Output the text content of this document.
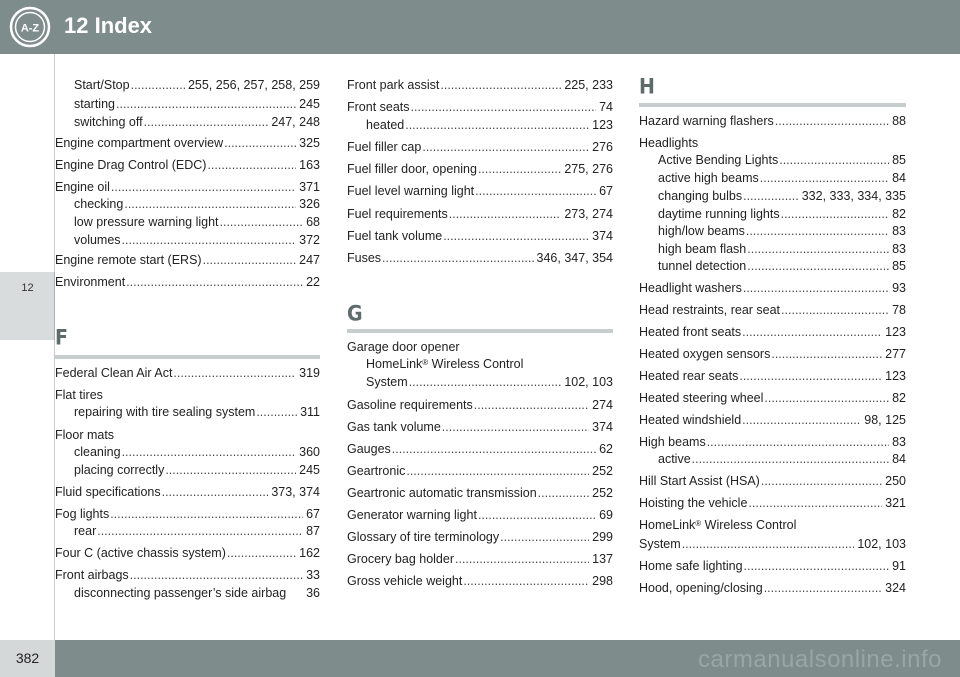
A-Z 12 Index
12
Start/Stop .....	255, 256, 257, 258, 259
starting .....	245
switching off .....	247, 248
Engine compartment overview .....	325
Engine Drag Control (EDC) .....	163
Engine oil .....	371
checking .....	326
low pressure warning light .....	68
volumes .....	372
Engine remote start (ERS) .....	247
Environment .....	22
F
Federal Clean Air Act .....	319
Flat tires
repairing with tire sealing system .....	311
Floor mats
cleaning .....	360
placing correctly .....	245
Fluid specifications .....	373, 374
Fog lights .....	67
rear .....	87
Four C (active chassis system) .....	162
Front airbags .....	33
disconnecting passenger’s side airbag 36
Front park assist .....	225, 233
Front seats .....	74
heated .....	123
Fuel filler cap .....	276
Fuel filler door, opening .....	275, 276
Fuel level warning light .....	67
Fuel requirements .....	273, 274
Fuel tank volume .....	374
Fuses .....	346, 347, 354
G
Garage door opener
HomeLink® Wireless Control
System .....	102, 103
Gasoline requirements .....	274
Gas tank volume .....	374
Gauges .....	62
Geartronic .....	252
Geartronic automatic transmission .....	252
Generator warning light .....	69
Glossary of tire terminology .....	299
Grocery bag holder .....	137
Gross vehicle weight .....	298
H
Hazard warning flashers .....	88
Headlights
Active Bending Lights .....	85
active high beams .....	84
changing bulbs .....	332, 333, 334, 335
daytime running lights .....	82
high/low beams .....	83
high beam flash .....	83
tunnel detection .....	85
Headlight washers .....	93
Head restraints, rear seat .....	78
Heated front seats .....	123
Heated oxygen sensors .....	277
Heated rear seats .....	123
Heated steering wheel .....	82
Heated windshield .....	98, 125
High beams .....	83
active .....	84
Hill Start Assist (HSA) .....	250
Hoisting the vehicle .....	321
HomeLink® Wireless Control
System .....	102, 103
Home safe lighting .....	91
Hood, opening/closing .....	324
382	carmanualsonline.info
